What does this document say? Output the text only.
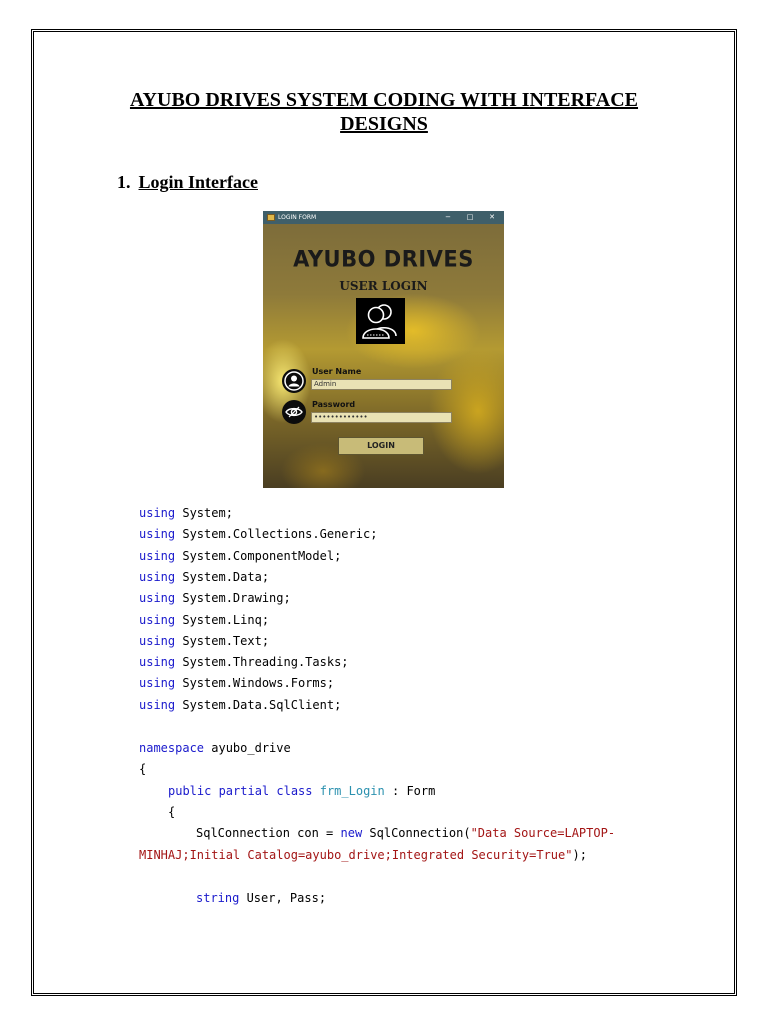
AYUBO DRIVES SYSTEM CODING WITH INTERFACE
DESIGNS
1. Login Interface
LOGIN FORM	−	□	✕
AYUBO DRIVES
USER LOGIN
User Name
Admin
Password
•••••••••••••
LOGIN
using System;
using System.Collections.Generic;
using System.ComponentModel;
using System.Data;
using System.Drawing;
using System.Linq;
using System.Text;
using System.Threading.Tasks;
using System.Windows.Forms;
using System.Data.SqlClient;
namespace ayubo_drive
{
public partial class frm_Login : Form
{
SqlConnection con = new SqlConnection("Data Source=LAPTOP-
MINHAJ;Initial Catalog=ayubo_drive;Integrated Security=True");
string User, Pass;
